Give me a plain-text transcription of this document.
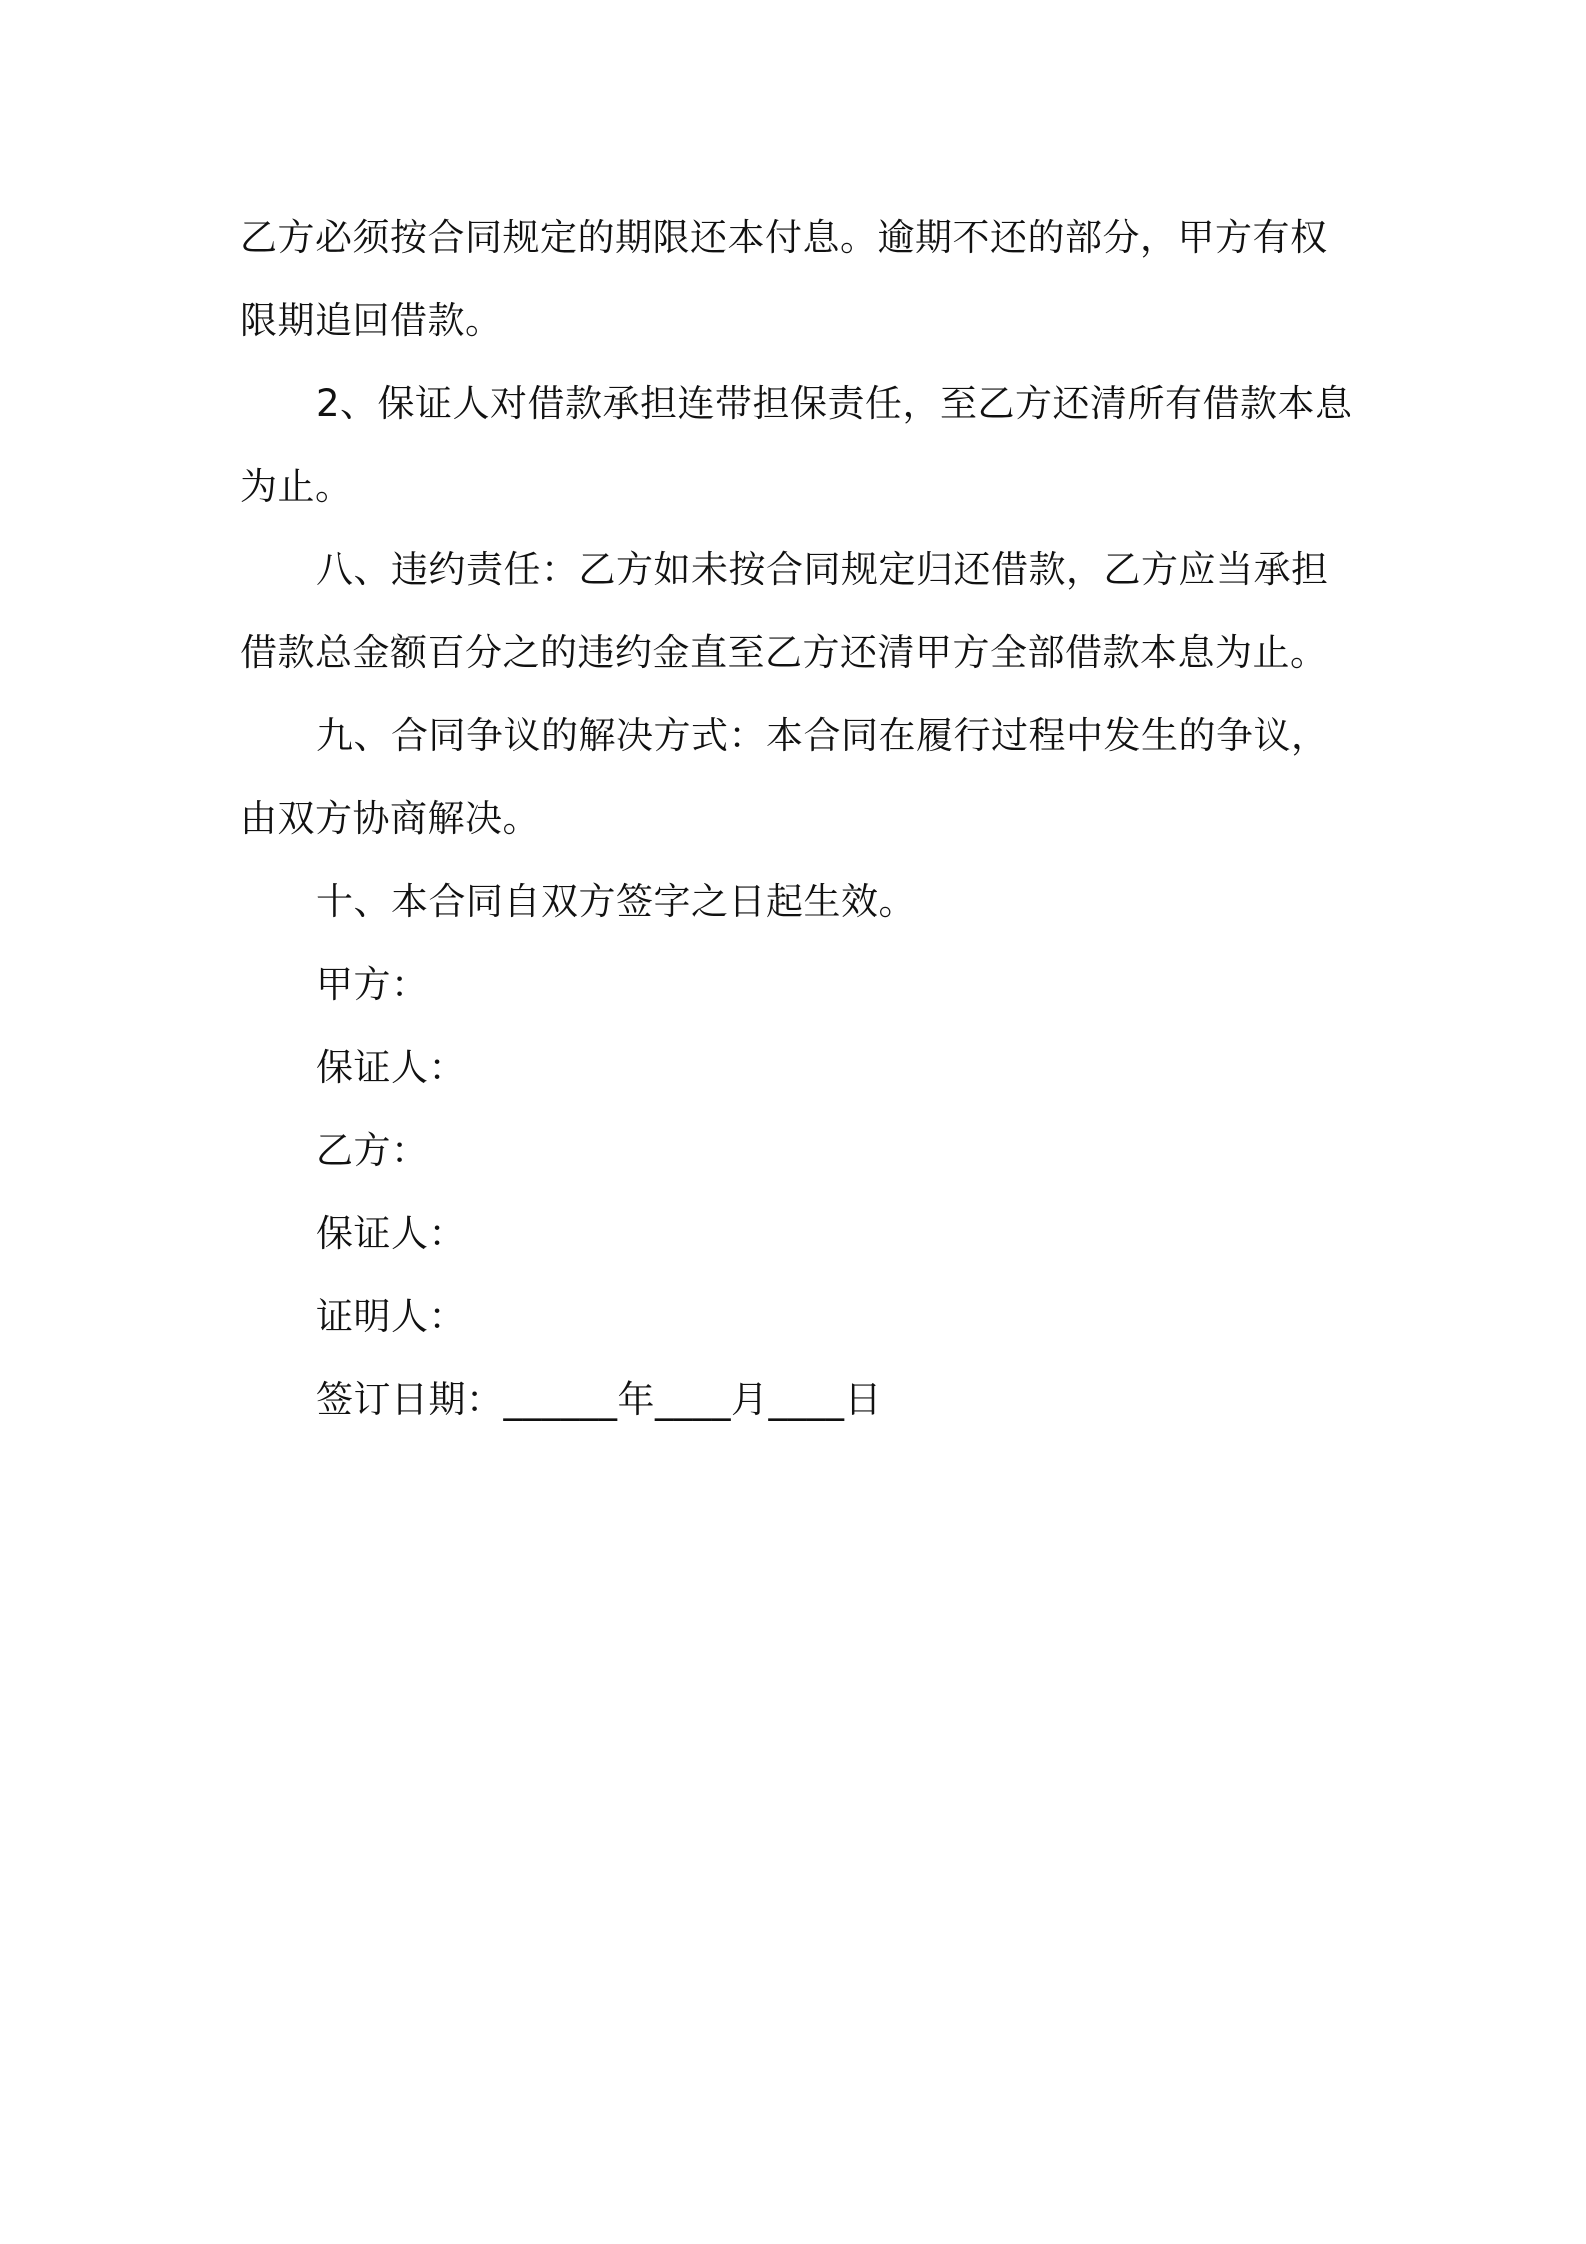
乙方必须按合同规定的期限还本付息。逾期不还的部分，甲方有权限期追回借款。

2、保证人对借款承担连带担保责任，至乙方还清所有借款本息为止。

八、违约责任：乙方如未按合同规定归还借款，乙方应当承担借款总金额百分之的违约金直至乙方还清甲方全部借款本息为止。

九、合同争议的解决方式：本合同在履行过程中发生的争议，由双方协商解决。

十、本合同自双方签字之日起生效。

甲方：

保证人：

乙方：

保证人：

证明人：

签订日期：______年____月____日
